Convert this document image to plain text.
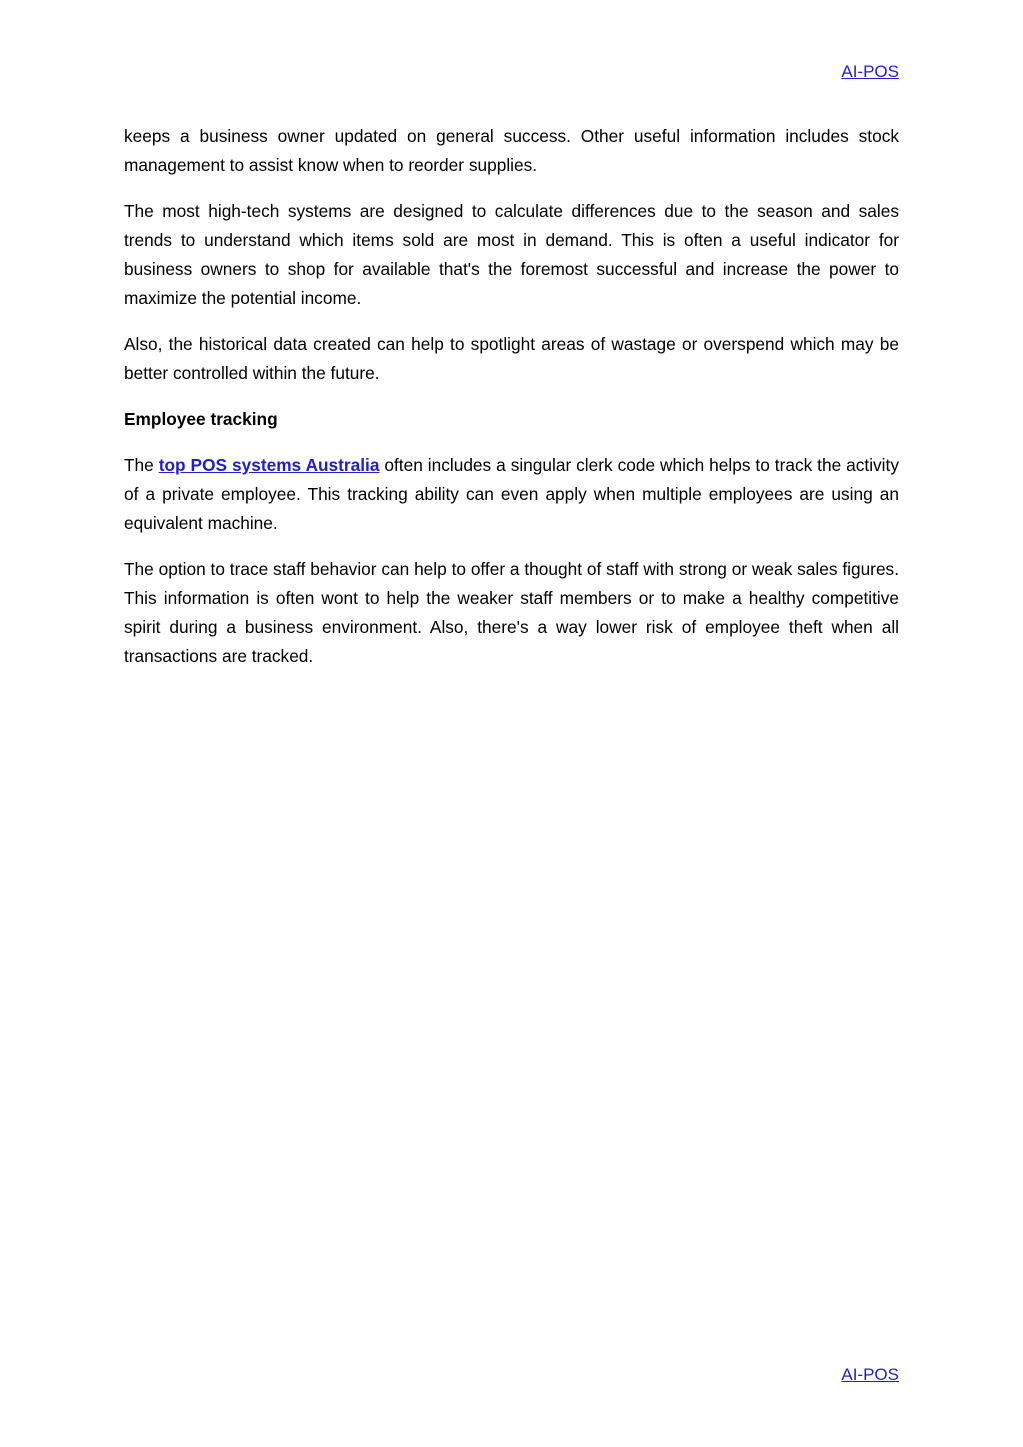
AI-POS

keeps a business owner updated on general success. Other useful information includes stock management to assist know when to reorder supplies.

The most high-tech systems are designed to calculate differences due to the season and sales trends to understand which items sold are most in demand. This is often a useful indicator for business owners to shop for available that's the foremost successful and increase the power to maximize the potential income.

Also, the historical data created can help to spotlight areas of wastage or overspend which may be better controlled within the future.

Employee tracking

The top POS systems Australia often includes a singular clerk code which helps to track the activity of a private employee. This tracking ability can even apply when multiple employees are using an equivalent machine.

The option to trace staff behavior can help to offer a thought of staff with strong or weak sales figures. This information is often wont to help the weaker staff members or to make a healthy competitive spirit during a business environment. Also, there's a way lower risk of employee theft when all transactions are tracked.

AI-POS
